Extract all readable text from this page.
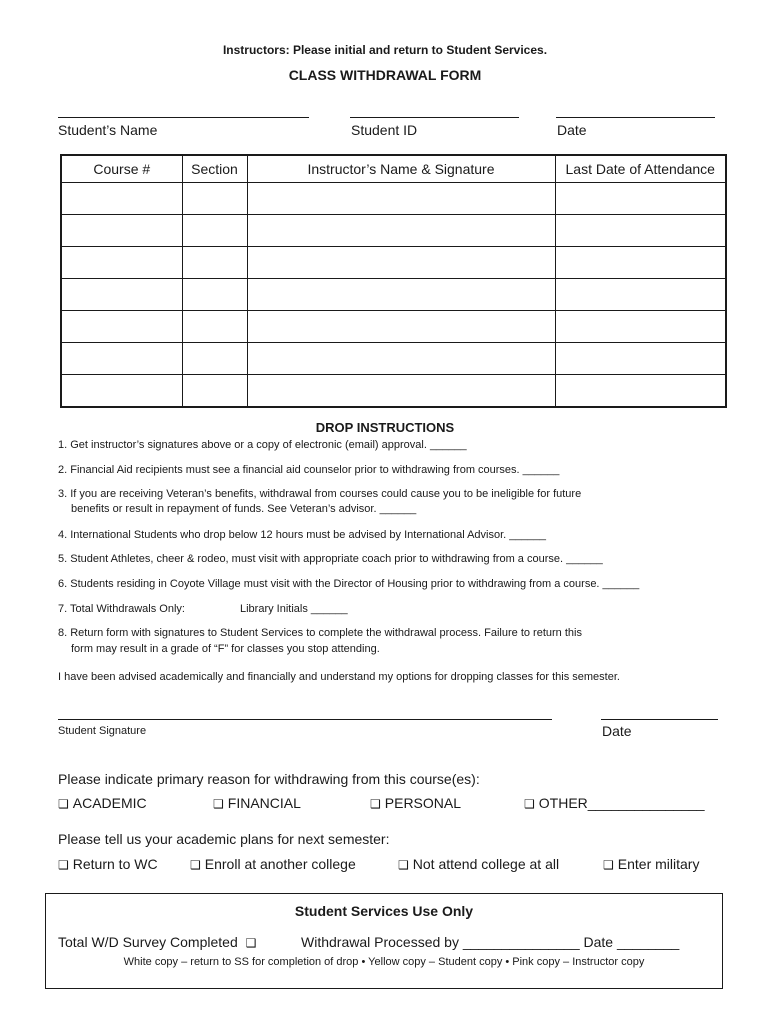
Instructors: Please initial and return to Student Services.
CLASS WITHDRAWAL FORM
Student’s Name	Student ID	Date
Course #	Section	Instructor’s Name & Signature	Last Date of Attendance

DROP INSTRUCTIONS
1. Get instructor’s signatures above or a copy of electronic (email) approval. ______
2. Financial Aid recipients must see a financial aid counselor prior to withdrawing from courses. ______
3. If you are receiving Veteran’s benefits, withdrawal from courses could cause you to be ineligible for future
benefits or result in repayment of funds. See Veteran’s advisor. ______
4. International Students who drop below 12 hours must be advised by International Advisor. ______
5. Student Athletes, cheer & rodeo, must visit with appropriate coach prior to withdrawing from a course. ______
6. Students residing in Coyote Village must visit with the Director of Housing prior to withdrawing from a course. ______
7. Total Withdrawals Only:	Library Initials ______
8. Return form with signatures to Student Services to complete the withdrawal process. Failure to return this
form may result in a grade of “F” for classes you stop attending.
I have been advised academically and financially and understand my options for dropping classes for this semester.
Student Signature	Date
Please indicate primary reason for withdrawing from this course(es):
❑ ACADEMIC	❑ FINANCIAL	❑ PERSONAL	❑ OTHER_______________
Please tell us your academic plans for next semester:
❑ Return to WC	❑ Enroll at another college	❑ Not attend college at all	❑ Enter military
Student Services Use Only
Total W/D Survey Completed ❑	Withdrawal Processed by _______________ Date ________
White copy – return to SS for completion of drop • Yellow copy – Student copy • Pink copy – Instructor copy
